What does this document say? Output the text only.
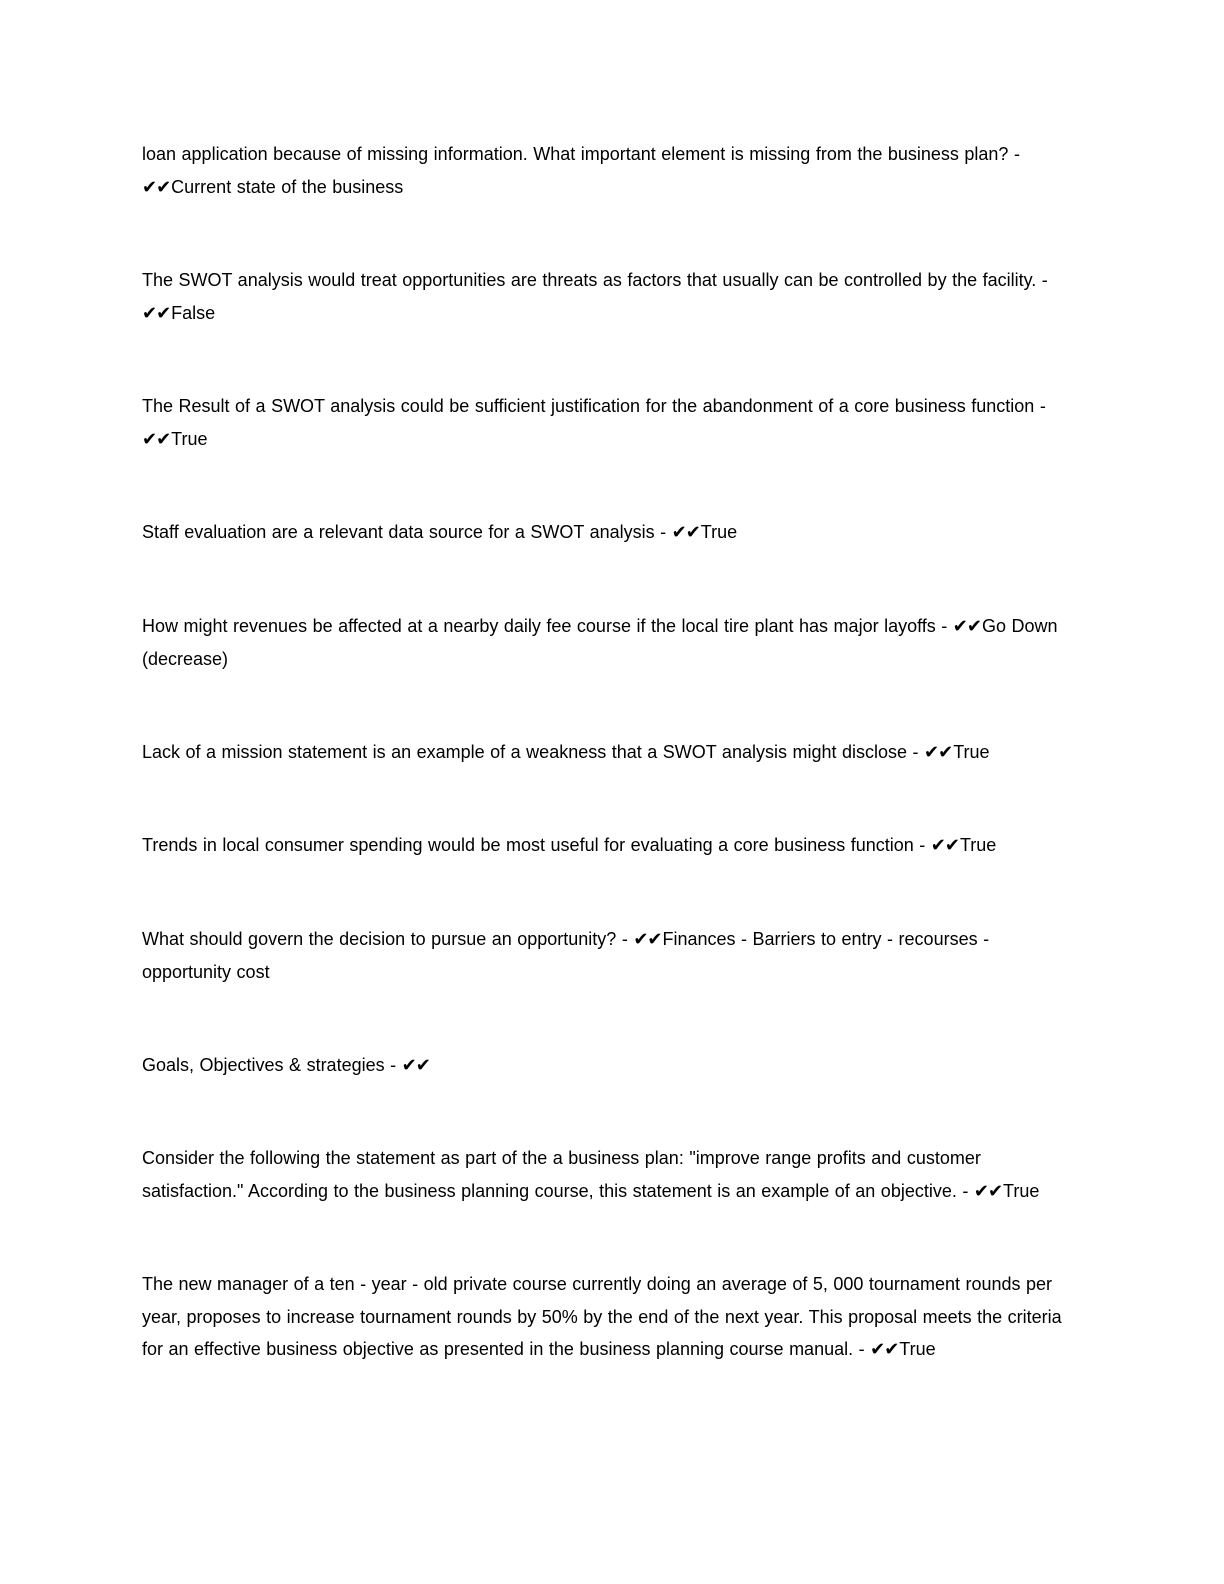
loan application because of missing information. What important element is missing from the business plan? - ✔✔Current state of the business

The SWOT analysis would treat opportunities are threats as factors that usually can be controlled by the facility. - ✔✔False

The Result of a SWOT analysis could be sufficient justification for the abandonment of a core business function - ✔✔True

Staff evaluation are a relevant data source for a SWOT analysis - ✔✔True

How might revenues be affected at a nearby daily fee course if the local tire plant has major layoffs - ✔✔Go Down (decrease)

Lack of a mission statement is an example of a weakness that a SWOT analysis might disclose - ✔✔True

Trends in local consumer spending would be most useful for evaluating a core business function - ✔✔True

What should govern the decision to pursue an opportunity? - ✔✔Finances - Barriers to entry - recourses - opportunity cost

Goals, Objectives & strategies - ✔✔

Consider the following the statement as part of the a business plan: "improve range profits and customer satisfaction." According to the business planning course, this statement is an example of an objective. - ✔✔True

The new manager of a ten - year - old private course currently doing an average of 5, 000 tournament rounds per year, proposes to increase tournament rounds by 50% by the end of the next year. This proposal meets the criteria for an effective business objective as presented in the business planning course manual. - ✔✔True
